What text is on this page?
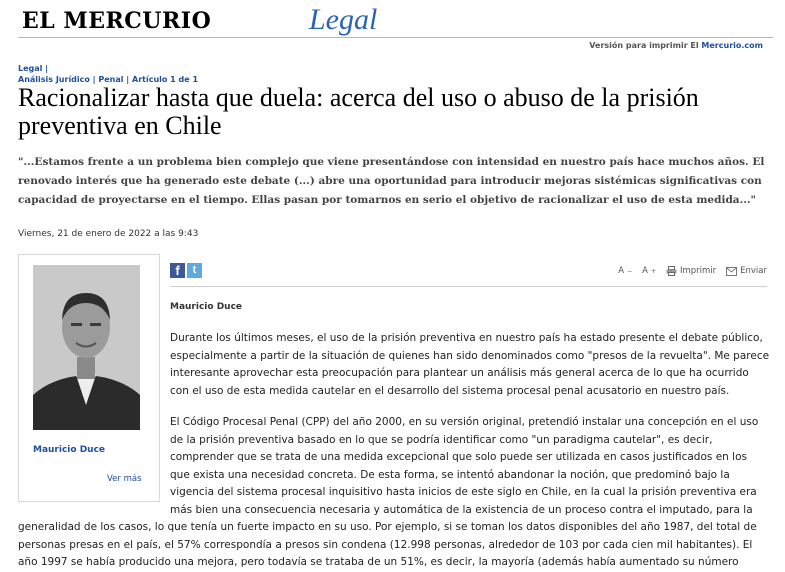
EL MERCURIO	Legal
Versión para imprimir El Mercurio.com
Legal |
Análisis Jurídico | Penal | Artículo 1 de 1
Racionalizar hasta que duela: acerca del uso o abuso de la prisión preventiva en Chile
"...Estamos frente a un problema bien complejo que viene presentándose con intensidad en nuestro país hace muchos años. El renovado interés que ha generado este debate (...) abre una oportunidad para introducir mejoras sistémicas significativas con capacidad de proyectarse en el tiempo. Ellas pasan por tomarnos en serio el objetivo de racionalizar el uso de esta medida..."
Viernes, 21 de enero de 2022 a las 9:43
Mauricio Duce
Ver más
f	t	A − A +	Imprimir	Enviar
Mauricio Duce

Durante los últimos meses, el uso de la prisión preventiva en nuestro país ha estado presente el debate público, especialmente a partir de la situación de quienes han sido denominados como "presos de la revuelta". Me parece interesante aprovechar esta preocupación para plantear un análisis más general acerca de lo que ha ocurrido con el uso de esta medida cautelar en el desarrollo del sistema procesal penal acusatorio en nuestro país.

El Código Procesal Penal (CPP) del año 2000, en su versión original, pretendió instalar una concepción en el uso de la prisión preventiva basado en lo que se podría identificar como "un paradigma cautelar", es decir, comprender que se trata de una medida excepcional que solo puede ser utilizada en casos justificados en los que exista una necesidad concreta. De esta forma, se intentó abandonar la noción, que predominó bajo la vigencia del sistema procesal inquisitivo hasta inicios de este siglo en Chile, en la cual la prisión preventiva era más bien una consecuencia necesaria y automática de la existencia de un proceso contra el imputado, para la

generalidad de los casos, lo que tenía un fuerte impacto en su uso. Por ejemplo, si se toman los datos disponibles del año 1987, del total de personas presas en el país, el 57% correspondía a presos sin condena (12.998 personas, alrededor de 103 por cada cien mil habitantes). El año 1997 se había producido una mejora, pero todavía se trataba de un 51%, es decir, la mayoría (además había aumentado su número
